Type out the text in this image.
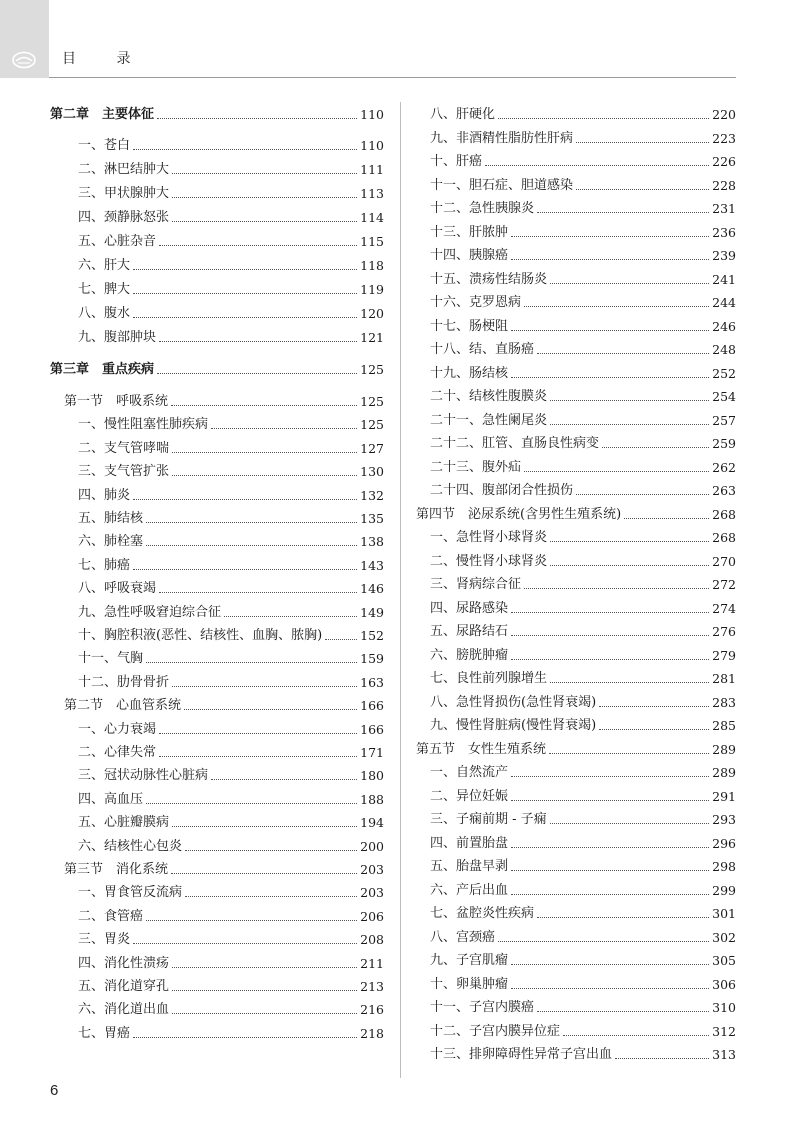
目 录
第二章　主要体征	110
一、苍白	110
二、淋巴结肿大	111
三、甲状腺肿大	113
四、颈静脉怒张	114
五、心脏杂音	115
六、肝大	118
七、脾大	119
八、腹水	120
九、腹部肿块	121
第三章　重点疾病	125
第一节　呼吸系统	125
一、慢性阻塞性肺疾病	125
二、支气管哮喘	127
三、支气管扩张	130
四、肺炎	132
五、肺结核	135
六、肺栓塞	138
七、肺癌	143
八、呼吸衰竭	146
九、急性呼吸窘迫综合征	149
十、胸腔积液(恶性、结核性、血胸、脓胸)	152
十一、气胸	159
十二、肋骨骨折	163
第二节　心血管系统	166
一、心力衰竭	166
二、心律失常	171
三、冠状动脉性心脏病	180
四、高血压	188
五、心脏瓣膜病	194
六、结核性心包炎	200
第三节　消化系统	203
一、胃食管反流病	203
二、食管癌	206
三、胃炎	208
四、消化性溃疡	211
五、消化道穿孔	213
六、消化道出血	216
七、胃癌	218
八、肝硬化	220
九、非酒精性脂肪性肝病	223
十、肝癌	226
十一、胆石症、胆道感染	228
十二、急性胰腺炎	231
十三、肝脓肿	236
十四、胰腺癌	239
十五、溃疡性结肠炎	241
十六、克罗恩病	244
十七、肠梗阻	246
十八、结、直肠癌	248
十九、肠结核	252
二十、结核性腹膜炎	254
二十一、急性阑尾炎	257
二十二、肛管、直肠良性病变	259
二十三、腹外疝	262
二十四、腹部闭合性损伤	263
第四节　泌尿系统(含男性生殖系统)	268
一、急性肾小球肾炎	268
二、慢性肾小球肾炎	270
三、肾病综合征	272
四、尿路感染	274
五、尿路结石	276
六、膀胱肿瘤	279
七、良性前列腺增生	281
八、急性肾损伤(急性肾衰竭)	283
九、慢性肾脏病(慢性肾衰竭)	285
第五节　女性生殖系统	289
一、自然流产	289
二、异位妊娠	291
三、子痫前期 - 子痫	293
四、前置胎盘	296
五、胎盘早剥	298
六、产后出血	299
七、盆腔炎性疾病	301
八、宫颈癌	302
九、子宫肌瘤	305
十、卵巢肿瘤	306
十一、子宫内膜癌	310
十二、子宫内膜异位症	312
十三、排卵障碍性异常子宫出血	313
6
